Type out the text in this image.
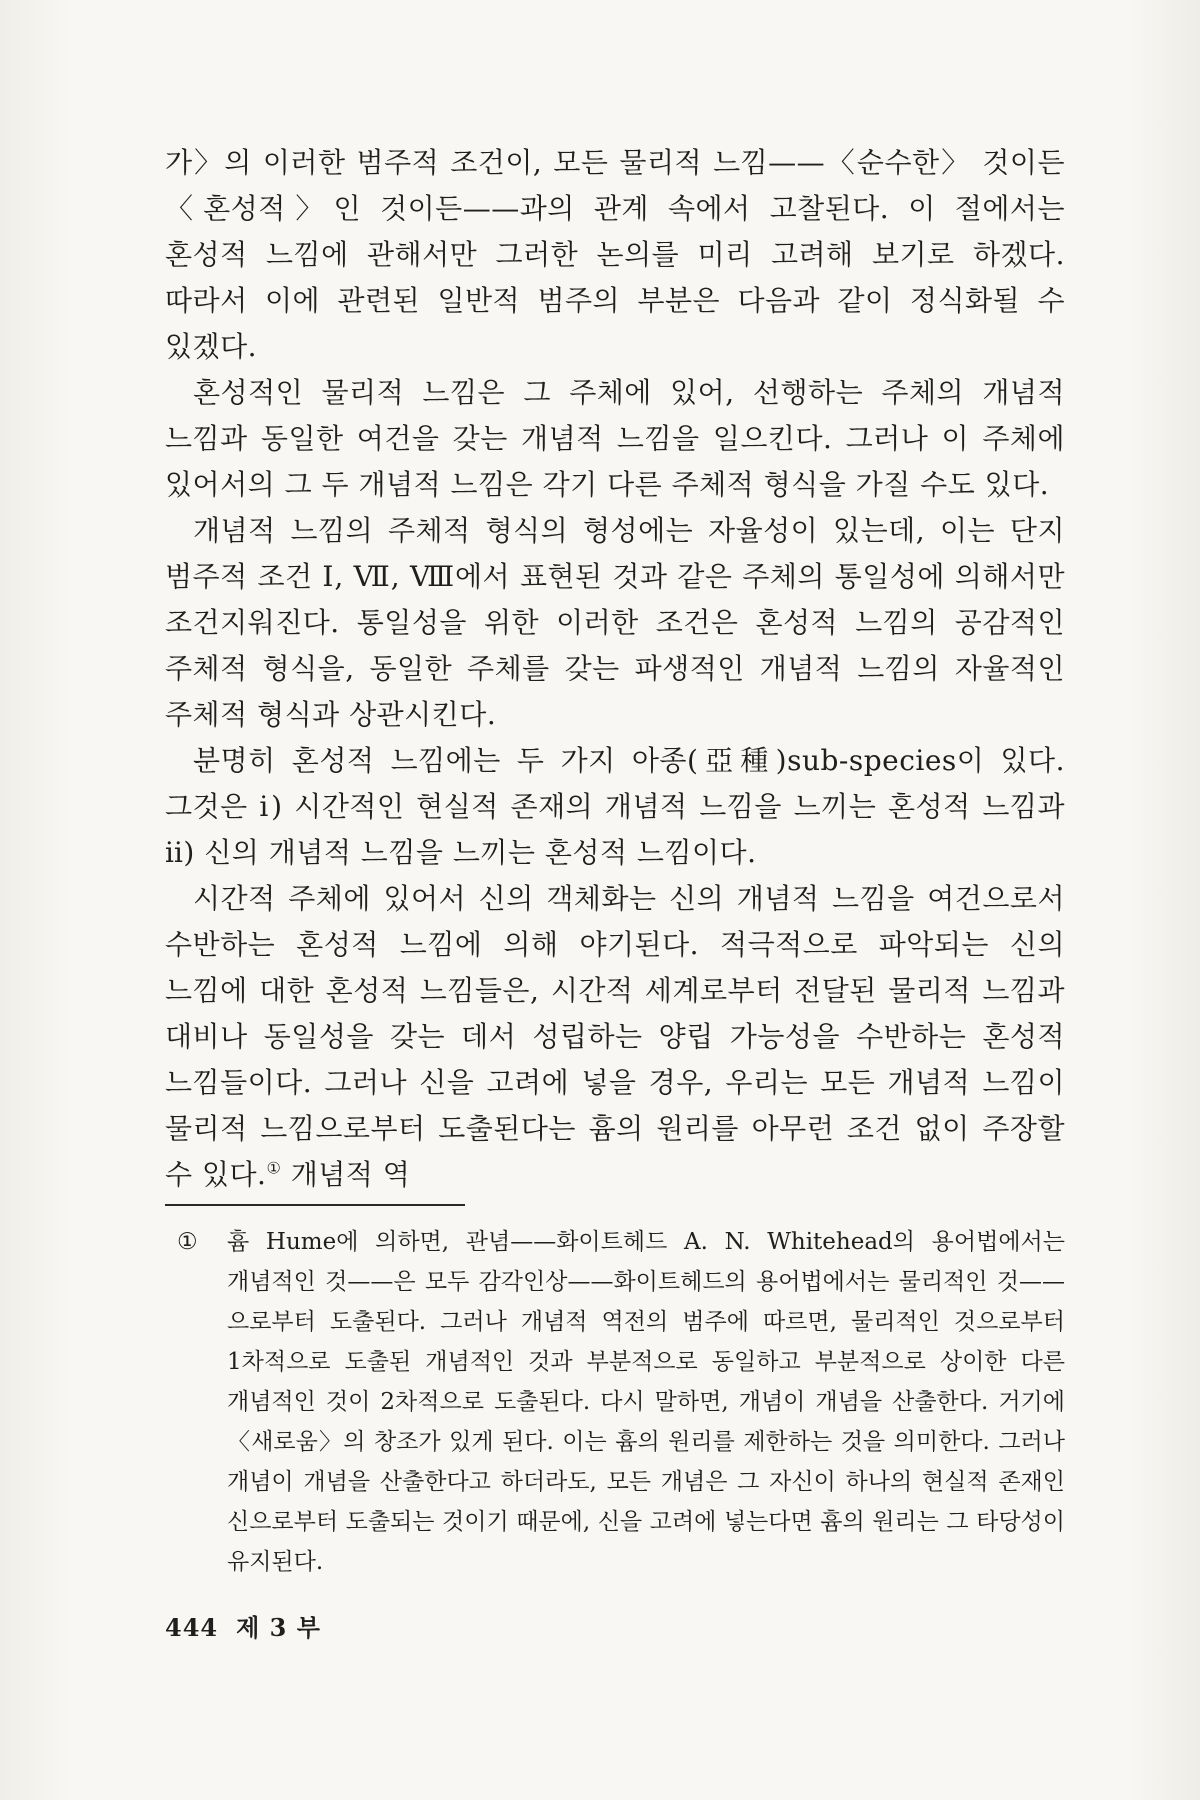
가〉의 이러한 범주적 조건이, 모든 물리적 느낌——〈순수한〉 것이든 〈혼성적〉인 것이든——과의 관계 속에서 고찰된다. 이 절에서는 혼성적 느낌에 관해서만 그러한 논의를 미리 고려해 보기로 하겠다. 따라서 이에 관련된 일반적 범주의 부분은 다음과 같이 정식화될 수 있겠다.

혼성적인 물리적 느낌은 그 주체에 있어, 선행하는 주체의 개념적 느낌과 동일한 여건을 갖는 개념적 느낌을 일으킨다. 그러나 이 주체에 있어서의 그 두 개념적 느낌은 각기 다른 주체적 형식을 가질 수도 있다.

개념적 느낌의 주체적 형식의 형성에는 자율성이 있는데, 이는 단지 범주적 조건 Ⅰ, Ⅶ, Ⅷ에서 표현된 것과 같은 주체의 통일성에 의해서만 조건지워진다. 통일성을 위한 이러한 조건은 혼성적 느낌의 공감적인 주체적 형식을, 동일한 주체를 갖는 파생적인 개념적 느낌의 자율적인 주체적 형식과 상관시킨다.

분명히 혼성적 느낌에는 두 가지 아종(亞種)sub-species이 있다. 그것은 ⅰ) 시간적인 현실적 존재의 개념적 느낌을 느끼는 혼성적 느낌과 ⅱ) 신의 개념적 느낌을 느끼는 혼성적 느낌이다.

시간적 주체에 있어서 신의 객체화는 신의 개념적 느낌을 여건으로서 수반하는 혼성적 느낌에 의해 야기된다. 적극적으로 파악되는 신의 느낌에 대한 혼성적 느낌들은, 시간적 세계로부터 전달된 물리적 느낌과 대비나 동일성을 갖는 데서 성립하는 양립 가능성을 수반하는 혼성적 느낌들이다. 그러나 신을 고려에 넣을 경우, 우리는 모든 개념적 느낌이 물리적 느낌으로부터 도출된다는 흄의 원리를 아무런 조건 없이 주장할 수 있다.① 개념적 역

① 흄 Hume에 의하면, 관념——화이트헤드 A. N. Whitehead의 용어법에서는 개념적인 것——은 모두 감각인상——화이트헤드의 용어법에서는 물리적인 것——으로부터 도출된다. 그러나 개념적 역전의 범주에 따르면, 물리적인 것으로부터 1차적으로 도출된 개념적인 것과 부분적으로 동일하고 부분적으로 상이한 다른 개념적인 것이 2차적으로 도출된다. 다시 말하면, 개념이 개념을 산출한다. 거기에 〈새로움〉의 창조가 있게 된다. 이는 흄의 원리를 제한하는 것을 의미한다. 그러나 개념이 개념을 산출한다고 하더라도, 모든 개념은 그 자신이 하나의 현실적 존재인 신으로부터 도출되는 것이기 때문에, 신을 고려에 넣는다면 흄의 원리는 그 타당성이 유지된다.

444 제 3 부
